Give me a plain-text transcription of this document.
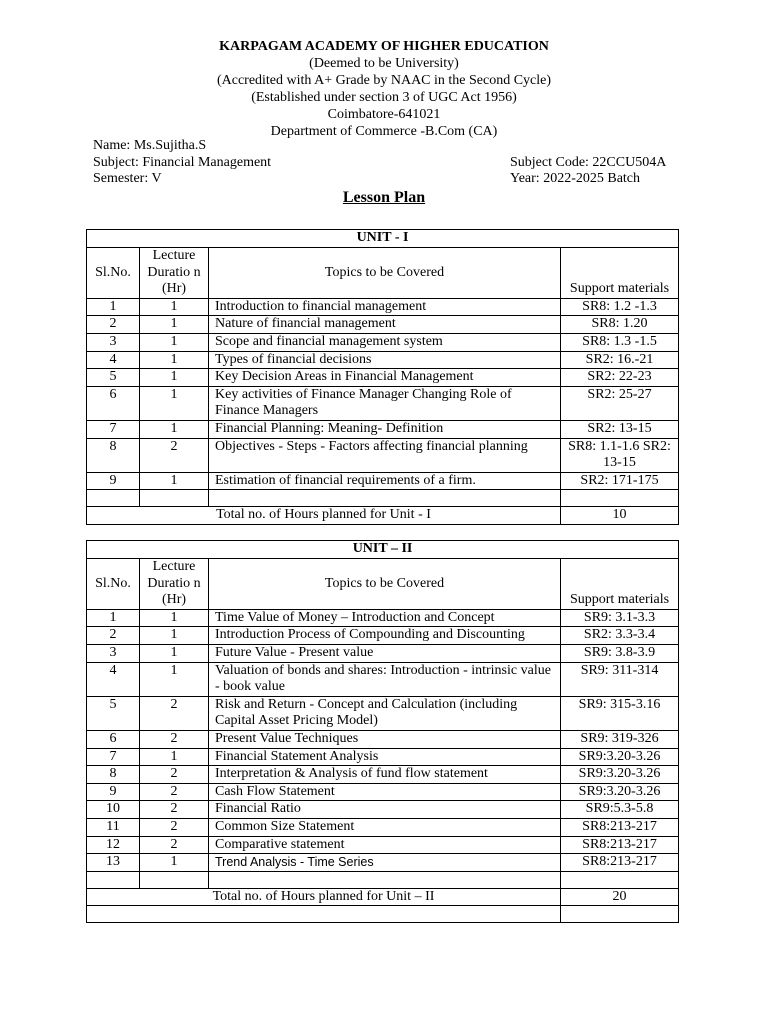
KARPAGAM ACADEMY OF HIGHER EDUCATION
(Deemed to be University)
(Accredited with A+ Grade by NAAC in the Second Cycle)
(Established under section 3 of UGC Act 1956)
Coimbatore-641021
Department of Commerce -B.Com (CA)
Name: Ms.Sujitha.S
Subject: Financial Management	Subject Code: 22CCU504A
Semester: V	Year: 2022-2025 Batch
Lesson Plan
UNIT - I			
Sl.No.	Lecture Duratio n (Hr)	Topics to be Covered	Support materials
1	1	Introduction to financial management	SR8: 1.2 -1.3
2	1	Nature of financial management	SR8: 1.20
3	1	Scope and financial management system	SR8: 1.3 -1.5
4	1	Types of financial decisions	SR2: 16.-21
5	1	Key Decision Areas in Financial Management	SR2: 22-23
6	1	Key activities of Finance Manager Changing Role of Finance Managers	SR2: 25-27
7	1	Financial Planning: Meaning- Definition	SR2: 13-15
8	2	Objectives - Steps - Factors affecting financial planning	SR8: 1.1-1.6 SR2: 13-15
9	1	Estimation of financial requirements of a firm.	SR2: 171-175

Total no. of Hours planned for Unit - I			10
UNIT – II			
Sl.No.	Lecture Duratio n (Hr)	Topics to be Covered	Support materials
1	1	Time Value of Money – Introduction and Concept	SR9: 3.1-3.3
2	1	Introduction Process of Compounding and Discounting	SR2: 3.3-3.4
3	1	Future Value - Present value	SR9: 3.8-3.9
4	1	Valuation of bonds and shares: Introduction - intrinsic value - book value	SR9: 311-314
5	2	Risk and Return - Concept and Calculation (including Capital Asset Pricing Model)	SR9: 315-3.16
6	2	Present Value Techniques	SR9: 319-326
7	1	Financial Statement Analysis	SR9:3.20-3.26
8	2	Interpretation & Analysis of fund flow statement	SR9:3.20-3.26
9	2	Cash Flow Statement	SR9:3.20-3.26
10	2	Financial Ratio	SR9:5.3-5.8
11	2	Common Size Statement	SR8:213-217
12	2	Comparative statement	SR8:213-217
13	1	Trend Analysis - Time Series	SR8:213-217

Total no. of Hours planned for Unit – II			20
